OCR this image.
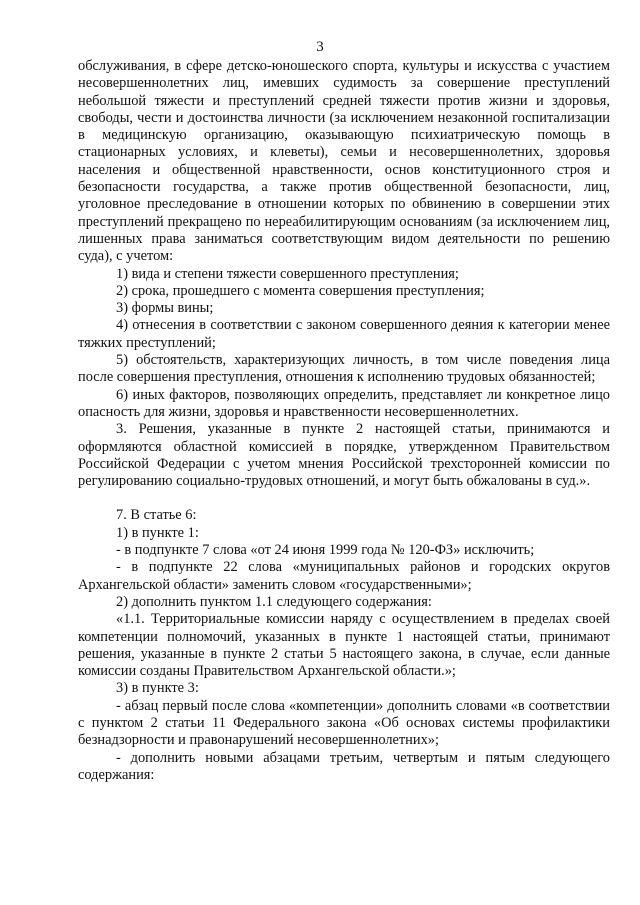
3

обслуживания, в сфере детско-юношеского спорта, культуры и искусства с участием несовершеннолетних лиц, имевших судимость за совершение преступлений небольшой тяжести и преступлений средней тяжести против жизни и здоровья, свободы, чести и достоинства личности (за исключением незаконной госпитализации в медицинскую организацию, оказывающую психиатрическую помощь в стационарных условиях, и клеветы), семьи и несовершеннолетних, здоровья населения и общественной нравственности, основ конституционного строя и безопасности государства, а также против общественной безопасности, лиц, уголовное преследование в отношении которых по обвинению в совершении этих преступлений прекращено по нереабилитирующим основаниям (за исключением лиц, лишенных права заниматься соответствующим видом деятельности по решению суда), с учетом:

1) вида и степени тяжести совершенного преступления;

2) срока, прошедшего с момента совершения преступления;

3) формы вины;

4) отнесения в соответствии с законом совершенного деяния к категории менее тяжких преступлений;

5) обстоятельств, характеризующих личность, в том числе поведения лица после совершения преступления, отношения к исполнению трудовых обязанностей;

6) иных факторов, позволяющих определить, представляет ли конкретное лицо опасность для жизни, здоровья и нравственности несовершеннолетних.

3. Решения, указанные в пункте 2 настоящей статьи, принимаются и оформляются областной комиссией в порядке, утвержденном Правительством Российской Федерации с учетом мнения Российской трехсторонней комиссии по регулированию социально-трудовых отношений, и могут быть обжалованы в суд.».

7. В статье 6:

1) в пункте 1:

- в подпункте 7 слова «от 24 июня 1999 года № 120-ФЗ» исключить;

- в подпункте 22 слова «муниципальных районов и городских округов Архангельской области» заменить словом «государственными»;

2) дополнить пунктом 1.1 следующего содержания:

«1.1. Территориальные комиссии наряду с осуществлением в пределах своей компетенции полномочий, указанных в пункте 1 настоящей статьи, принимают решения, указанные в пункте 2 статьи 5 настоящего закона, в случае, если данные комиссии созданы Правительством Архангельской области.»;

3) в пункте 3:

- абзац первый после слова «компетенции» дополнить словами «в соответствии с пунктом 2 статьи 11 Федерального закона «Об основах системы профилактики безнадзорности и правонарушений несовершеннолетних»;

- дополнить новыми абзацами третьим, четвертым и пятым следующего содержания:
